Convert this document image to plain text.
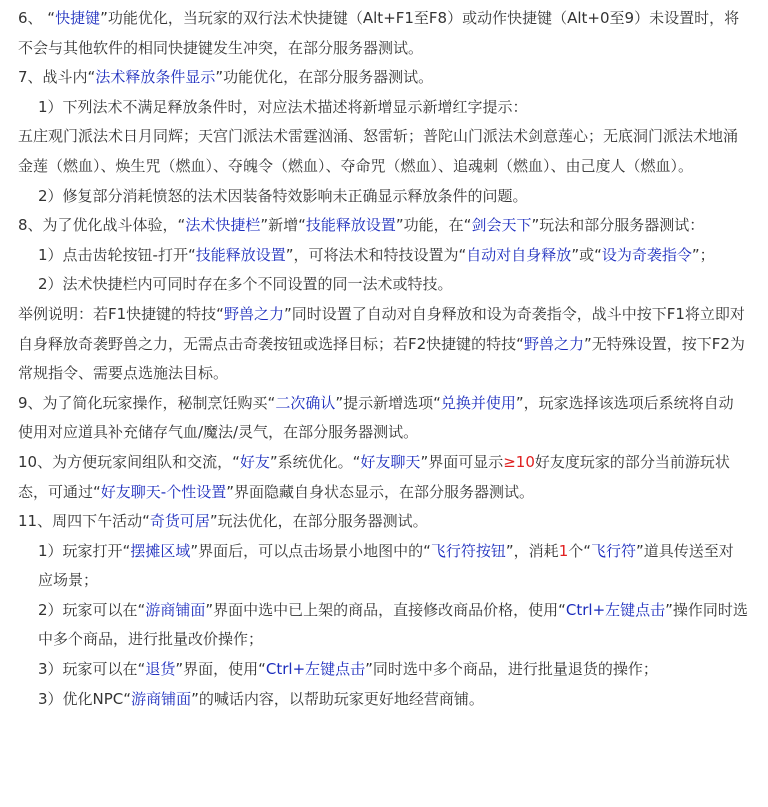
6、 “快捷键”功能优化，当玩家的双行法术快捷键（Alt+F1至F8）或动作快捷键（Alt+0至9）未设置时，将不会与其他软件的相同快捷键发生冲突，在部分服务器测试。

7、战斗内“法术释放条件显示”功能优化，在部分服务器测试。

1）下列法术不满足释放条件时，对应法术描述将新增显示新增红字提示：

五庄观门派法术日月同辉；天宫门派法术雷霆汹涌、怒雷斩；普陀山门派法术剑意莲心；无底洞门派法术地涌金莲（燃血）、焕生咒（燃血）、夺魄令（燃血）、夺命咒（燃血）、追魂刺（燃血）、由己度人（燃血）。

2）修复部分消耗愤怒的法术因装备特效影响未正确显示释放条件的问题。

8、为了优化战斗体验，“法术快捷栏”新增“技能释放设置”功能，在“剑会天下”玩法和部分服务器测试：

1）点击齿轮按钮-打开“技能释放设置”，可将法术和特技设置为“自动对自身释放”或“设为奇袭指令”；

2）法术快捷栏内可同时存在多个不同设置的同一法术或特技。

举例说明：若F1快捷键的特技“野兽之力”同时设置了自动对自身释放和设为奇袭指令，战斗中按下F1将立即对自身释放奇袭野兽之力，无需点击奇袭按钮或选择目标；若F2快捷键的特技“野兽之力”无特殊设置，按下F2为常规指令、需要点选施法目标。

9、为了简化玩家操作，秘制烹饪购买“二次确认”提示新增选项“兑换并使用”，玩家选择该选项后系统将自动使用对应道具补充储存气血/魔法/灵气，在部分服务器测试。

10、为方便玩家间组队和交流，“好友”系统优化。“好友聊天”界面可显示≥10好友度玩家的部分当前游玩状态，可通过“好友聊天-个性设置”界面隐藏自身状态显示，在部分服务器测试。

11、周四下午活动“奇货可居”玩法优化，在部分服务器测试。

1）玩家打开“摆摊区域”界面后，可以点击场景小地图中的“飞行符按钮”，消耗1个“飞行符”道具传送至对应场景；

2）玩家可以在“游商铺面”界面中选中已上架的商品，直接修改商品价格，使用“Ctrl+左键点击”操作同时选中多个商品，进行批量改价操作；

3）玩家可以在“退货”界面，使用“Ctrl+左键点击”同时选中多个商品，进行批量退货的操作；

3）优化NPC“游商铺面”的喊话内容，以帮助玩家更好地经营商铺。
